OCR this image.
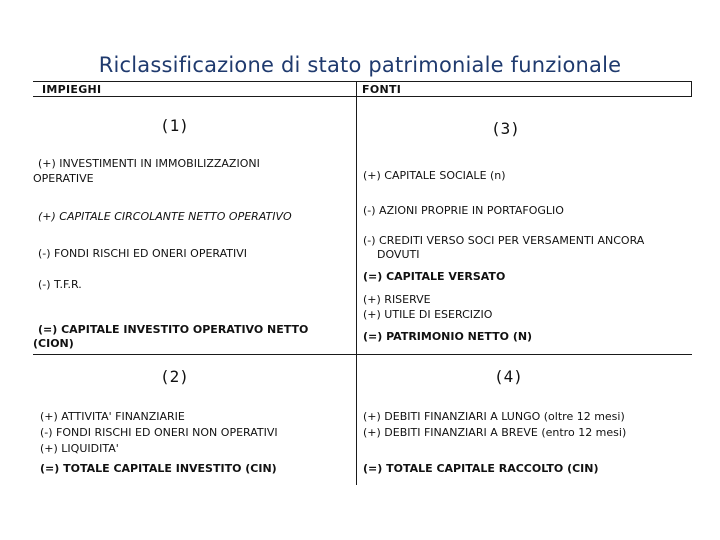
Riclassificazione di stato patrimoniale funzionale
IMPIEGHI	FONTI
(1)
(+) INVESTIMENTI IN IMMOBILIZZAZIONI
OPERATIVE
(+) CAPITALE CIRCOLANTE NETTO OPERATIVO
(-) FONDI RISCHI ED ONERI OPERATIVI
(-) T.F.R.
(=) CAPITALE INVESTITO OPERATIVO NETTO
(CION)
(2)
(+) ATTIVITA' FINANZIARIE
(-) FONDI RISCHI ED ONERI NON OPERATIVI
(+) LIQUIDITA'
(=) TOTALE CAPITALE INVESTITO (CIN)
(3)
(+) CAPITALE SOCIALE (n)
(-) AZIONI PROPRIE IN PORTAFOGLIO
(-) CREDITI VERSO SOCI PER VERSAMENTI ANCORA
DOVUTI
(=) CAPITALE VERSATO
(+) RISERVE
(+) UTILE DI ESERCIZIO
(=) PATRIMONIO NETTO (N)
(4)
(+) DEBITI FINANZIARI A LUNGO (oltre 12 mesi)
(+) DEBITI FINANZIARI A BREVE (entro 12 mesi)
(=) TOTALE CAPITALE RACCOLTO (CIN)
